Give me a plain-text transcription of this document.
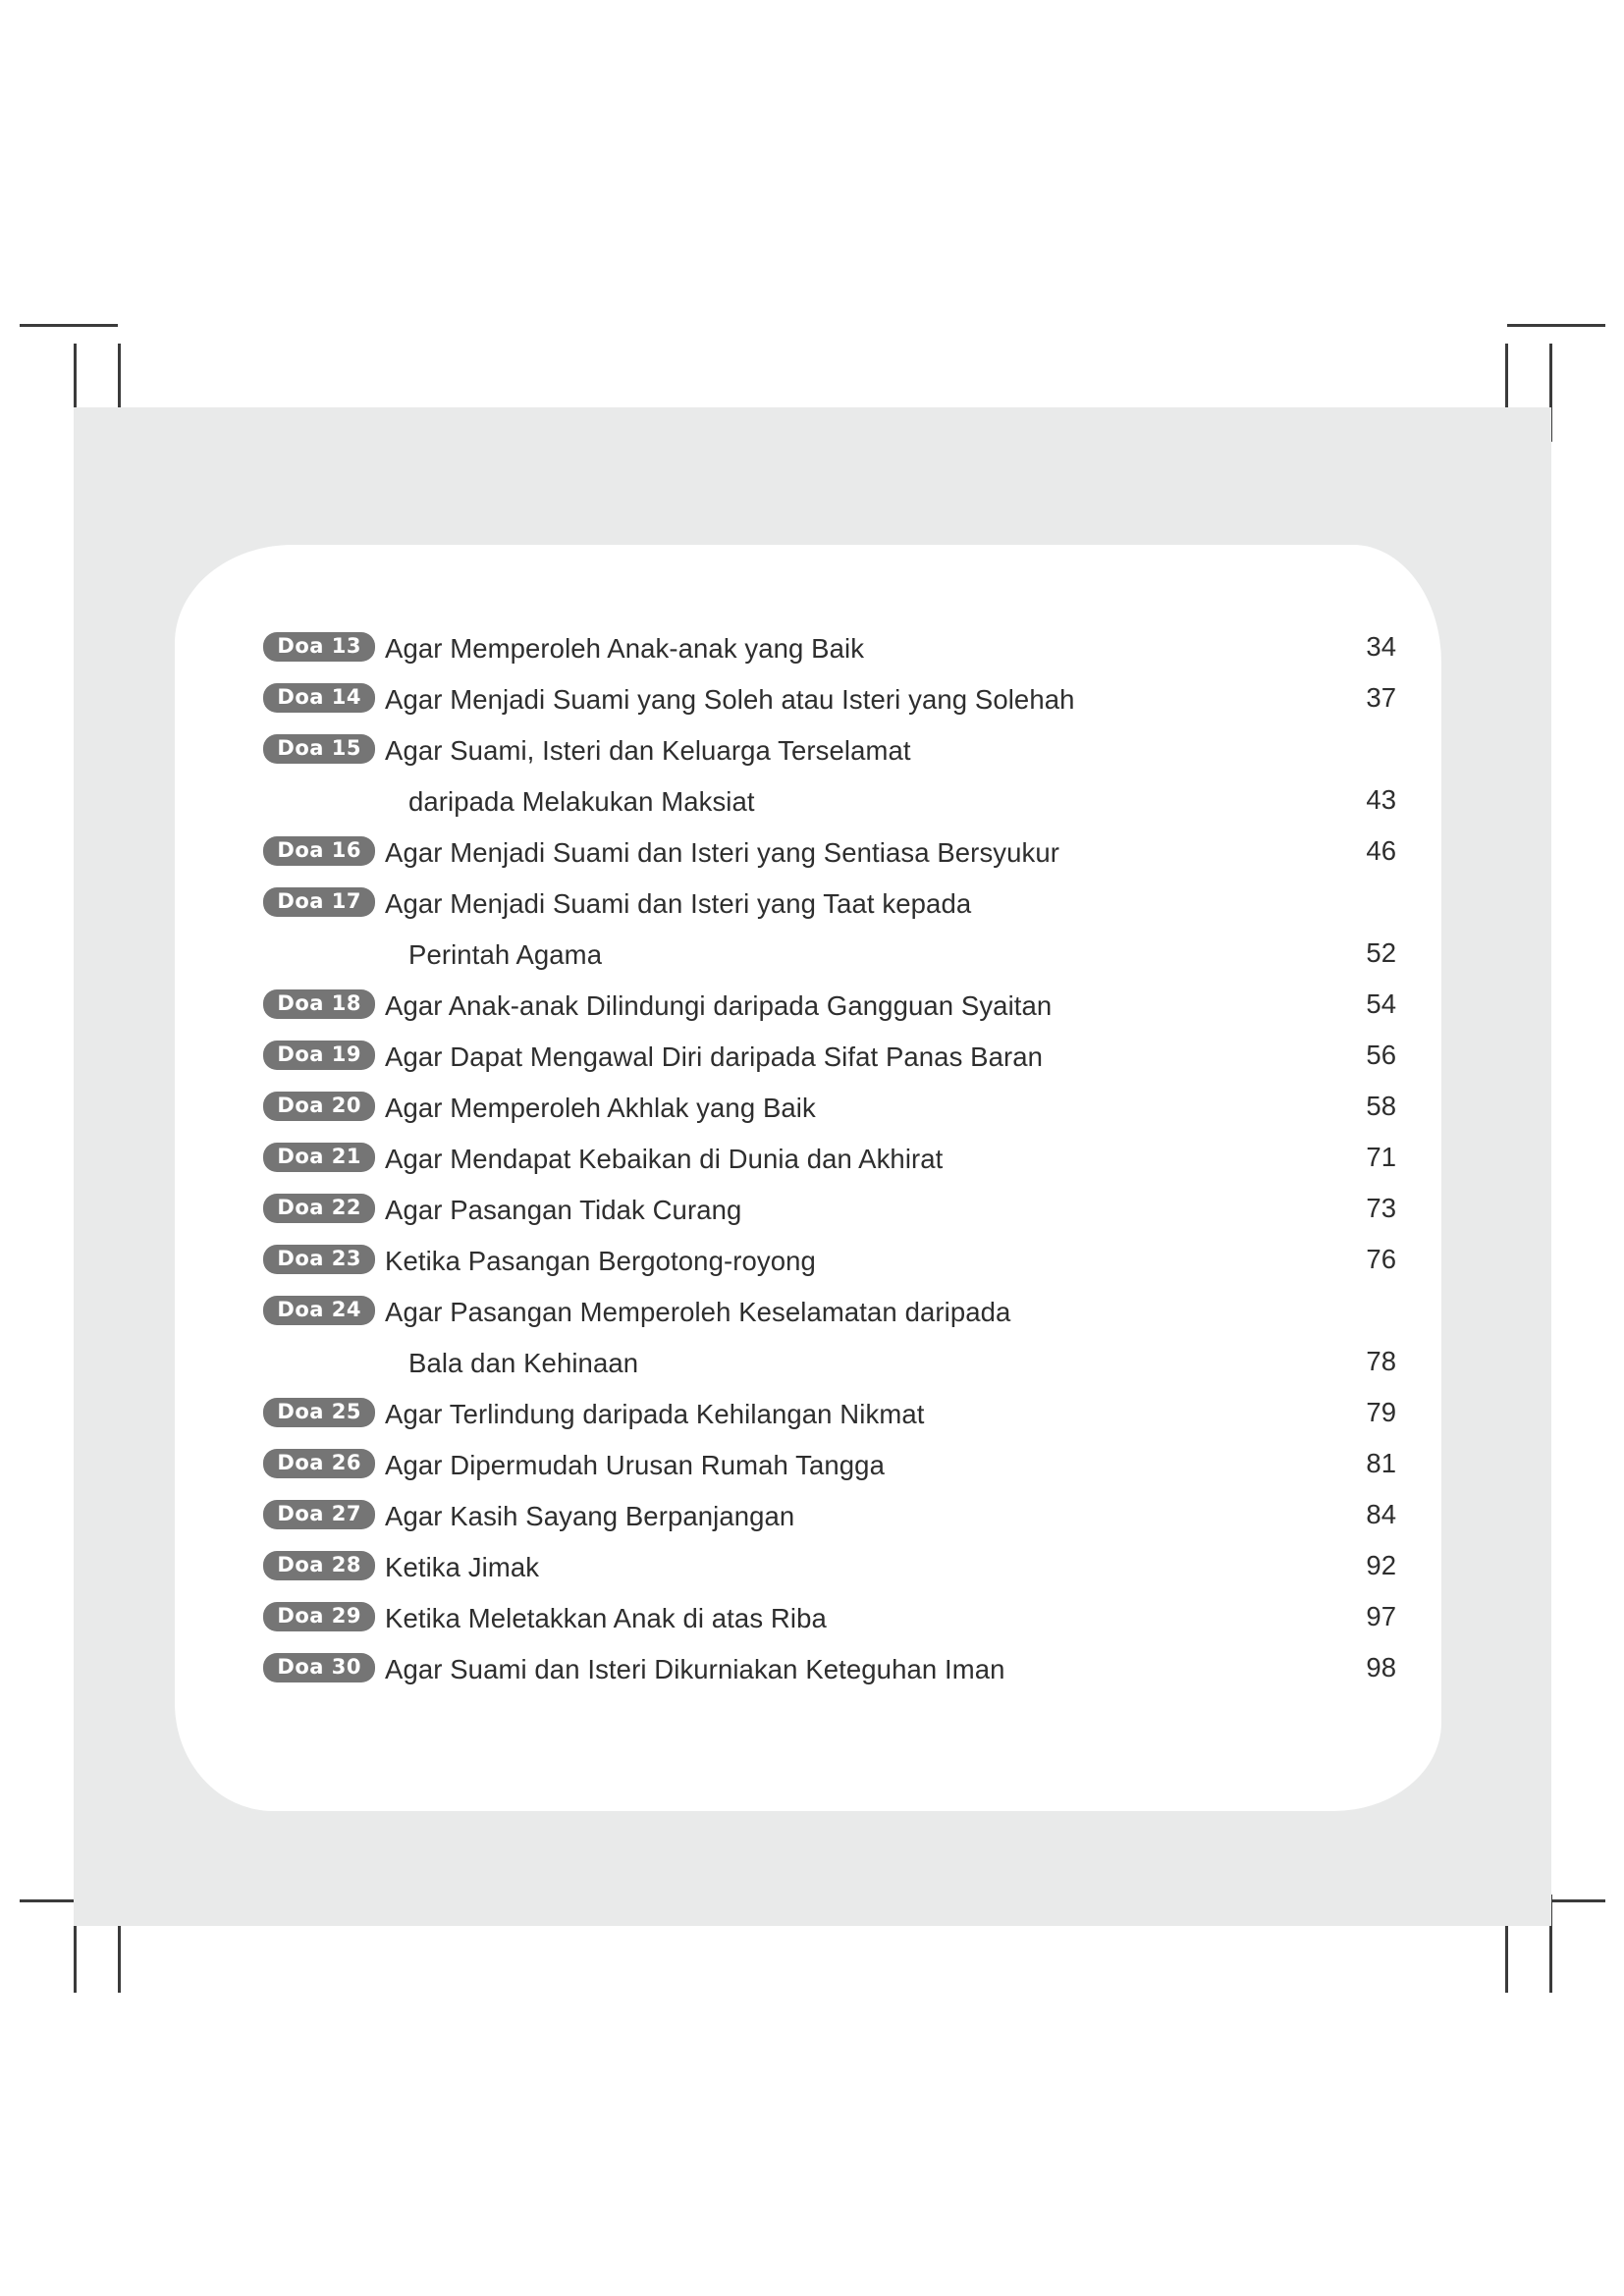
Doa 13 Agar Memperoleh Anak-anak yang Baik	34
Doa 14 Agar Menjadi Suami yang Soleh atau Isteri yang Solehah	37
Doa 15 Agar Suami, Isteri dan Keluarga Terselamat
daripada Melakukan Maksiat	43
Doa 16 Agar Menjadi Suami dan Isteri yang Sentiasa Bersyukur	46
Doa 17 Agar Menjadi Suami dan Isteri yang Taat kepada
Perintah Agama	52
Doa 18 Agar Anak-anak Dilindungi daripada Gangguan Syaitan	54
Doa 19 Agar Dapat Mengawal Diri daripada Sifat Panas Baran	56
Doa 20 Agar Memperoleh Akhlak yang Baik	58
Doa 21 Agar Mendapat Kebaikan di Dunia dan Akhirat	71
Doa 22 Agar Pasangan Tidak Curang	73
Doa 23 Ketika Pasangan Bergotong-royong	76
Doa 24 Agar Pasangan Memperoleh Keselamatan daripada
Bala dan Kehinaan	78
Doa 25 Agar Terlindung daripada Kehilangan Nikmat	79
Doa 26 Agar Dipermudah Urusan Rumah Tangga	81
Doa 27 Agar Kasih Sayang Berpanjangan	84
Doa 28 Ketika Jimak	92
Doa 29 Ketika Meletakkan Anak di atas Riba	97
Doa 30 Agar Suami dan Isteri Dikurniakan Keteguhan Iman	98
